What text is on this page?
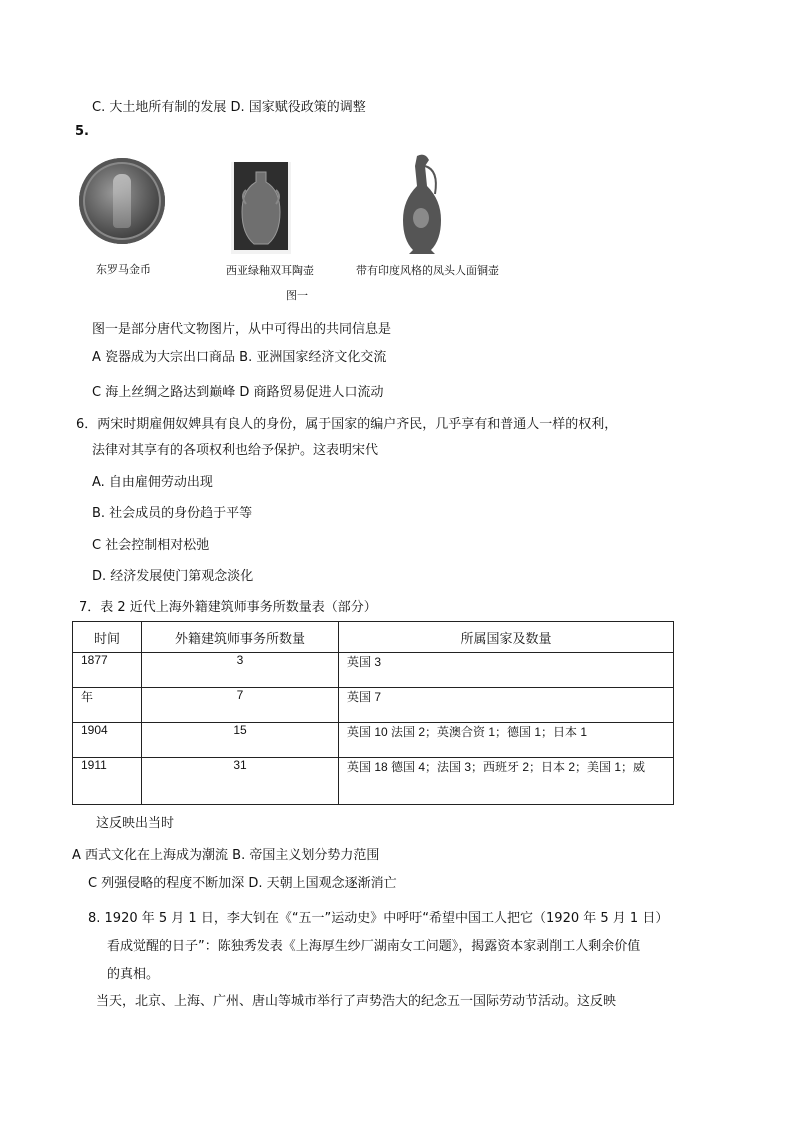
C. 大土地所有制的发展 D. 国家赋役政策的调整
5.
东罗马金币	西亚绿釉双耳陶壶	带有印度风格的凤头人面铜壶
图一
图一是部分唐代文物图片，从中可得出的共同信息是
A 瓷器成为大宗出口商品 B. 亚洲国家经济文化交流
C 海上丝绸之路达到巅峰 D 商路贸易促进人口流动
6．两宋时期雇佣奴婢具有良人的身份，属于国家的编户齐民，几乎享有和普通人一样的权利，
法律对其享有的各项权利也给予保护。这表明宋代
A. 自由雇佣劳动出现
B. 社会成员的身份趋于平等
C 社会控制相对松弛
D. 经济发展使门第观念淡化
7．表 2 近代上海外籍建筑师事务所数量表（部分）
时间	外籍建筑师事务所数量	所属国家及数量
1877	3	英国 3
年	7	英国 7
1904	15	英国 10 法国 2；英澳合资 1；德国 1；日本 1
1911	31	英国 18 德国 4；法国 3；西班牙 2；日本 2；美国 1；威
这反映出当时
A 西式文化在上海成为潮流 B. 帝国主义划分势力范围
C 列强侵略的程度不断加深 D. 天朝上国观念逐渐消亡
8. 1920 年 5 月 1 日，李大钊在《“五一”运动史》中呼吁“希望中国工人把它（1920 年 5 月 1 日）
看成觉醒的日子”：陈独秀发表《上海厚生纱厂湖南女工问题》，揭露资本家剥削工人剩余价值
的真相。
当天，北京、上海、广州、唐山等城市举行了声势浩大的纪念五一国际劳动节活动。这反映
